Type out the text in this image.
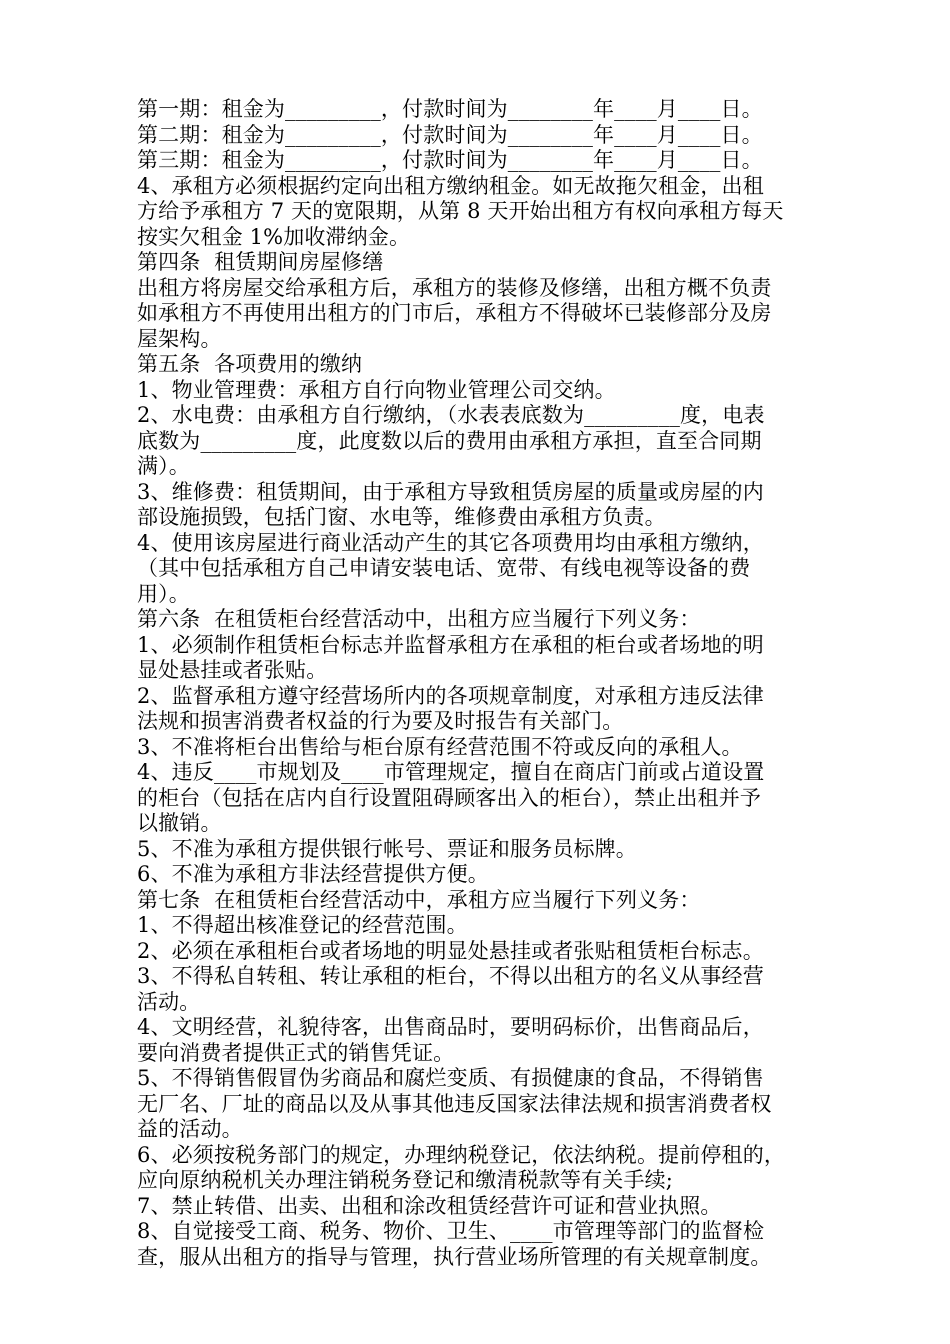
第一期：租金为_________，付款时间为________年____月____日。
第二期：租金为_________，付款时间为________年____月____日。
第三期：租金为_________，付款时间为________年____月____日。
4、承租方必须根据约定向出租方缴纳租金。如无故拖欠租金，出租
方给予承租方 7 天的宽限期，从第 8 天开始出租方有权向承租方每天
按实欠租金 1%加收滞纳金。
第四条  租赁期间房屋修缮
出租方将房屋交给承租方后，承租方的装修及修缮，出租方概不负责
如承租方不再使用出租方的门市后，承租方不得破坏已装修部分及房
屋架构。
第五条  各项费用的缴纳
1、物业管理费：承租方自行向物业管理公司交纳。
2、水电费：由承租方自行缴纳，（水表表底数为_________度，电表
底数为_________度，此度数以后的费用由承租方承担，直至合同期
满）。
3、维修费：租赁期间，由于承租方导致租赁房屋的质量或房屋的内
部设施损毁，包括门窗、水电等，维修费由承租方负责。
4、使用该房屋进行商业活动产生的其它各项费用均由承租方缴纳，
（其中包括承租方自己申请安装电话、宽带、有线电视等设备的费
用）。
第六条  在租赁柜台经营活动中，出租方应当履行下列义务：
1、必须制作租赁柜台标志并监督承租方在承租的柜台或者场地的明
显处悬挂或者张贴。
2、监督承租方遵守经营场所内的各项规章制度，对承租方违反法律
法规和损害消费者权益的行为要及时报告有关部门。
3、不准将柜台出售给与柜台原有经营范围不符或反向的承租人。
4、违反____市规划及____市管理规定，擅自在商店门前或占道设置
的柜台（包括在店内自行设置阻碍顾客出入的柜台），禁止出租并予
以撤销。
5、不准为承租方提供银行帐号、票证和服务员标牌。
6、不准为承租方非法经营提供方便。
第七条  在租赁柜台经营活动中，承租方应当履行下列义务：
1、不得超出核准登记的经营范围。
2、必须在承租柜台或者场地的明显处悬挂或者张贴租赁柜台标志。
3、不得私自转租、转让承租的柜台，不得以出租方的名义从事经营
活动。
4、文明经营，礼貌待客，出售商品时，要明码标价，出售商品后，
要向消费者提供正式的销售凭证。
5、不得销售假冒伪劣商品和腐烂变质、有损健康的食品，不得销售
无厂名、厂址的商品以及从事其他违反国家法律法规和损害消费者权
益的活动。
6、必须按税务部门的规定，办理纳税登记，依法纳税。提前停租的，
应向原纳税机关办理注销税务登记和缴清税款等有关手续;
7、禁止转借、出卖、出租和涂改租赁经营许可证和营业执照。
8、自觉接受工商、税务、物价、卫生、____市管理等部门的监督检
查，服从出租方的指导与管理，执行营业场所管理的有关规章制度。
